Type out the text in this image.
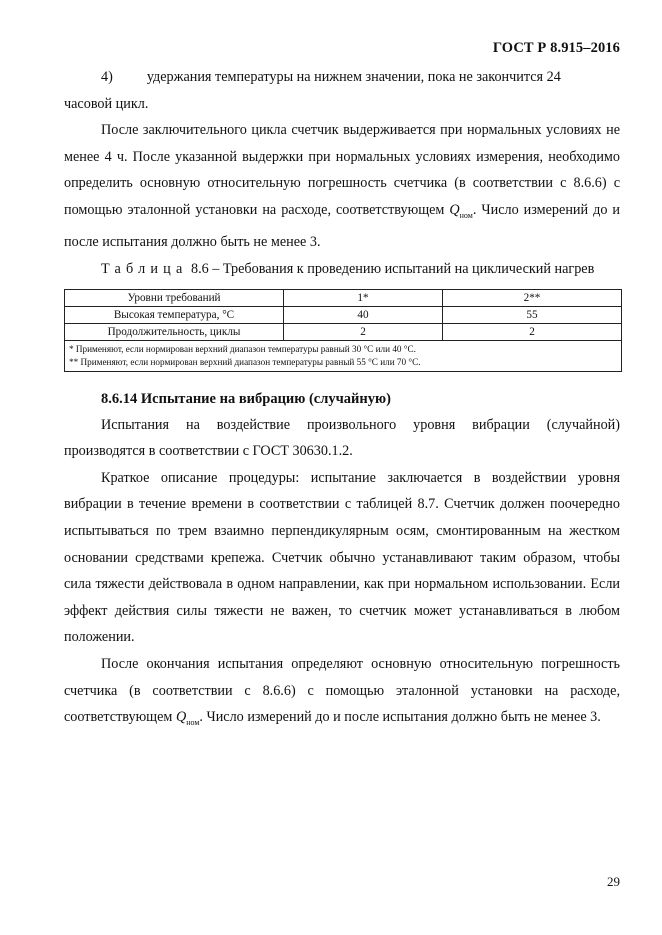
ГОСТ Р 8.915–2016

4) удержания температуры на нижнем значении, пока не закончится 24

часовой цикл.

После заключительного цикла счетчик выдерживается при нормальных условиях не менее 4 ч. После указанной выдержки при нормальных условиях измерения, необходимо определить основную относительную погрешность счетчика (в соответствии с 8.6.6) с помощью эталонной установки на расходе, соответствующем $Q_{ном}$. Число измерений до и после испытания должно быть не менее 3.

Таблица 8.6 – Требования к проведению испытаний на циклический нагрев

Уровни требований	1*	2**
Высокая температура, °С	40	55
Продолжительность, циклы	2	2

* Применяют, если нормирован верхний диапазон температуры равный 30 °С или 40 °С.
** Применяют, если нормирован верхний диапазон температуры равный 55 °С или 70 °С.		

8.6.14 Испытание на вибрацию (случайную)

Испытания на воздействие произвольного уровня вибрации (случайной) производятся в соответствии с ГОСТ 30630.1.2.

Краткое описание процедуры: испытание заключается в воздействии уровня вибрации в течение времени в соответствии с таблицей 8.7. Счетчик должен поочередно испытываться по трем взаимно перпендикулярным осям, смонтированным на жестком основании средствами крепежа. Счетчик обычно устанавливают таким образом, чтобы сила тяжести действовала в одном направлении, как при нормальном использовании. Если эффект действия силы тяжести не важен, то счетчик может устанавливаться в любом положении.

После окончания испытания определяют основную относительную погрешность счетчика (в соответствии с 8.6.6) с помощью эталонной установки на расходе, соответствующем $Q_{ном}$. Число измерений до и после испытания должно быть не менее 3.

29
